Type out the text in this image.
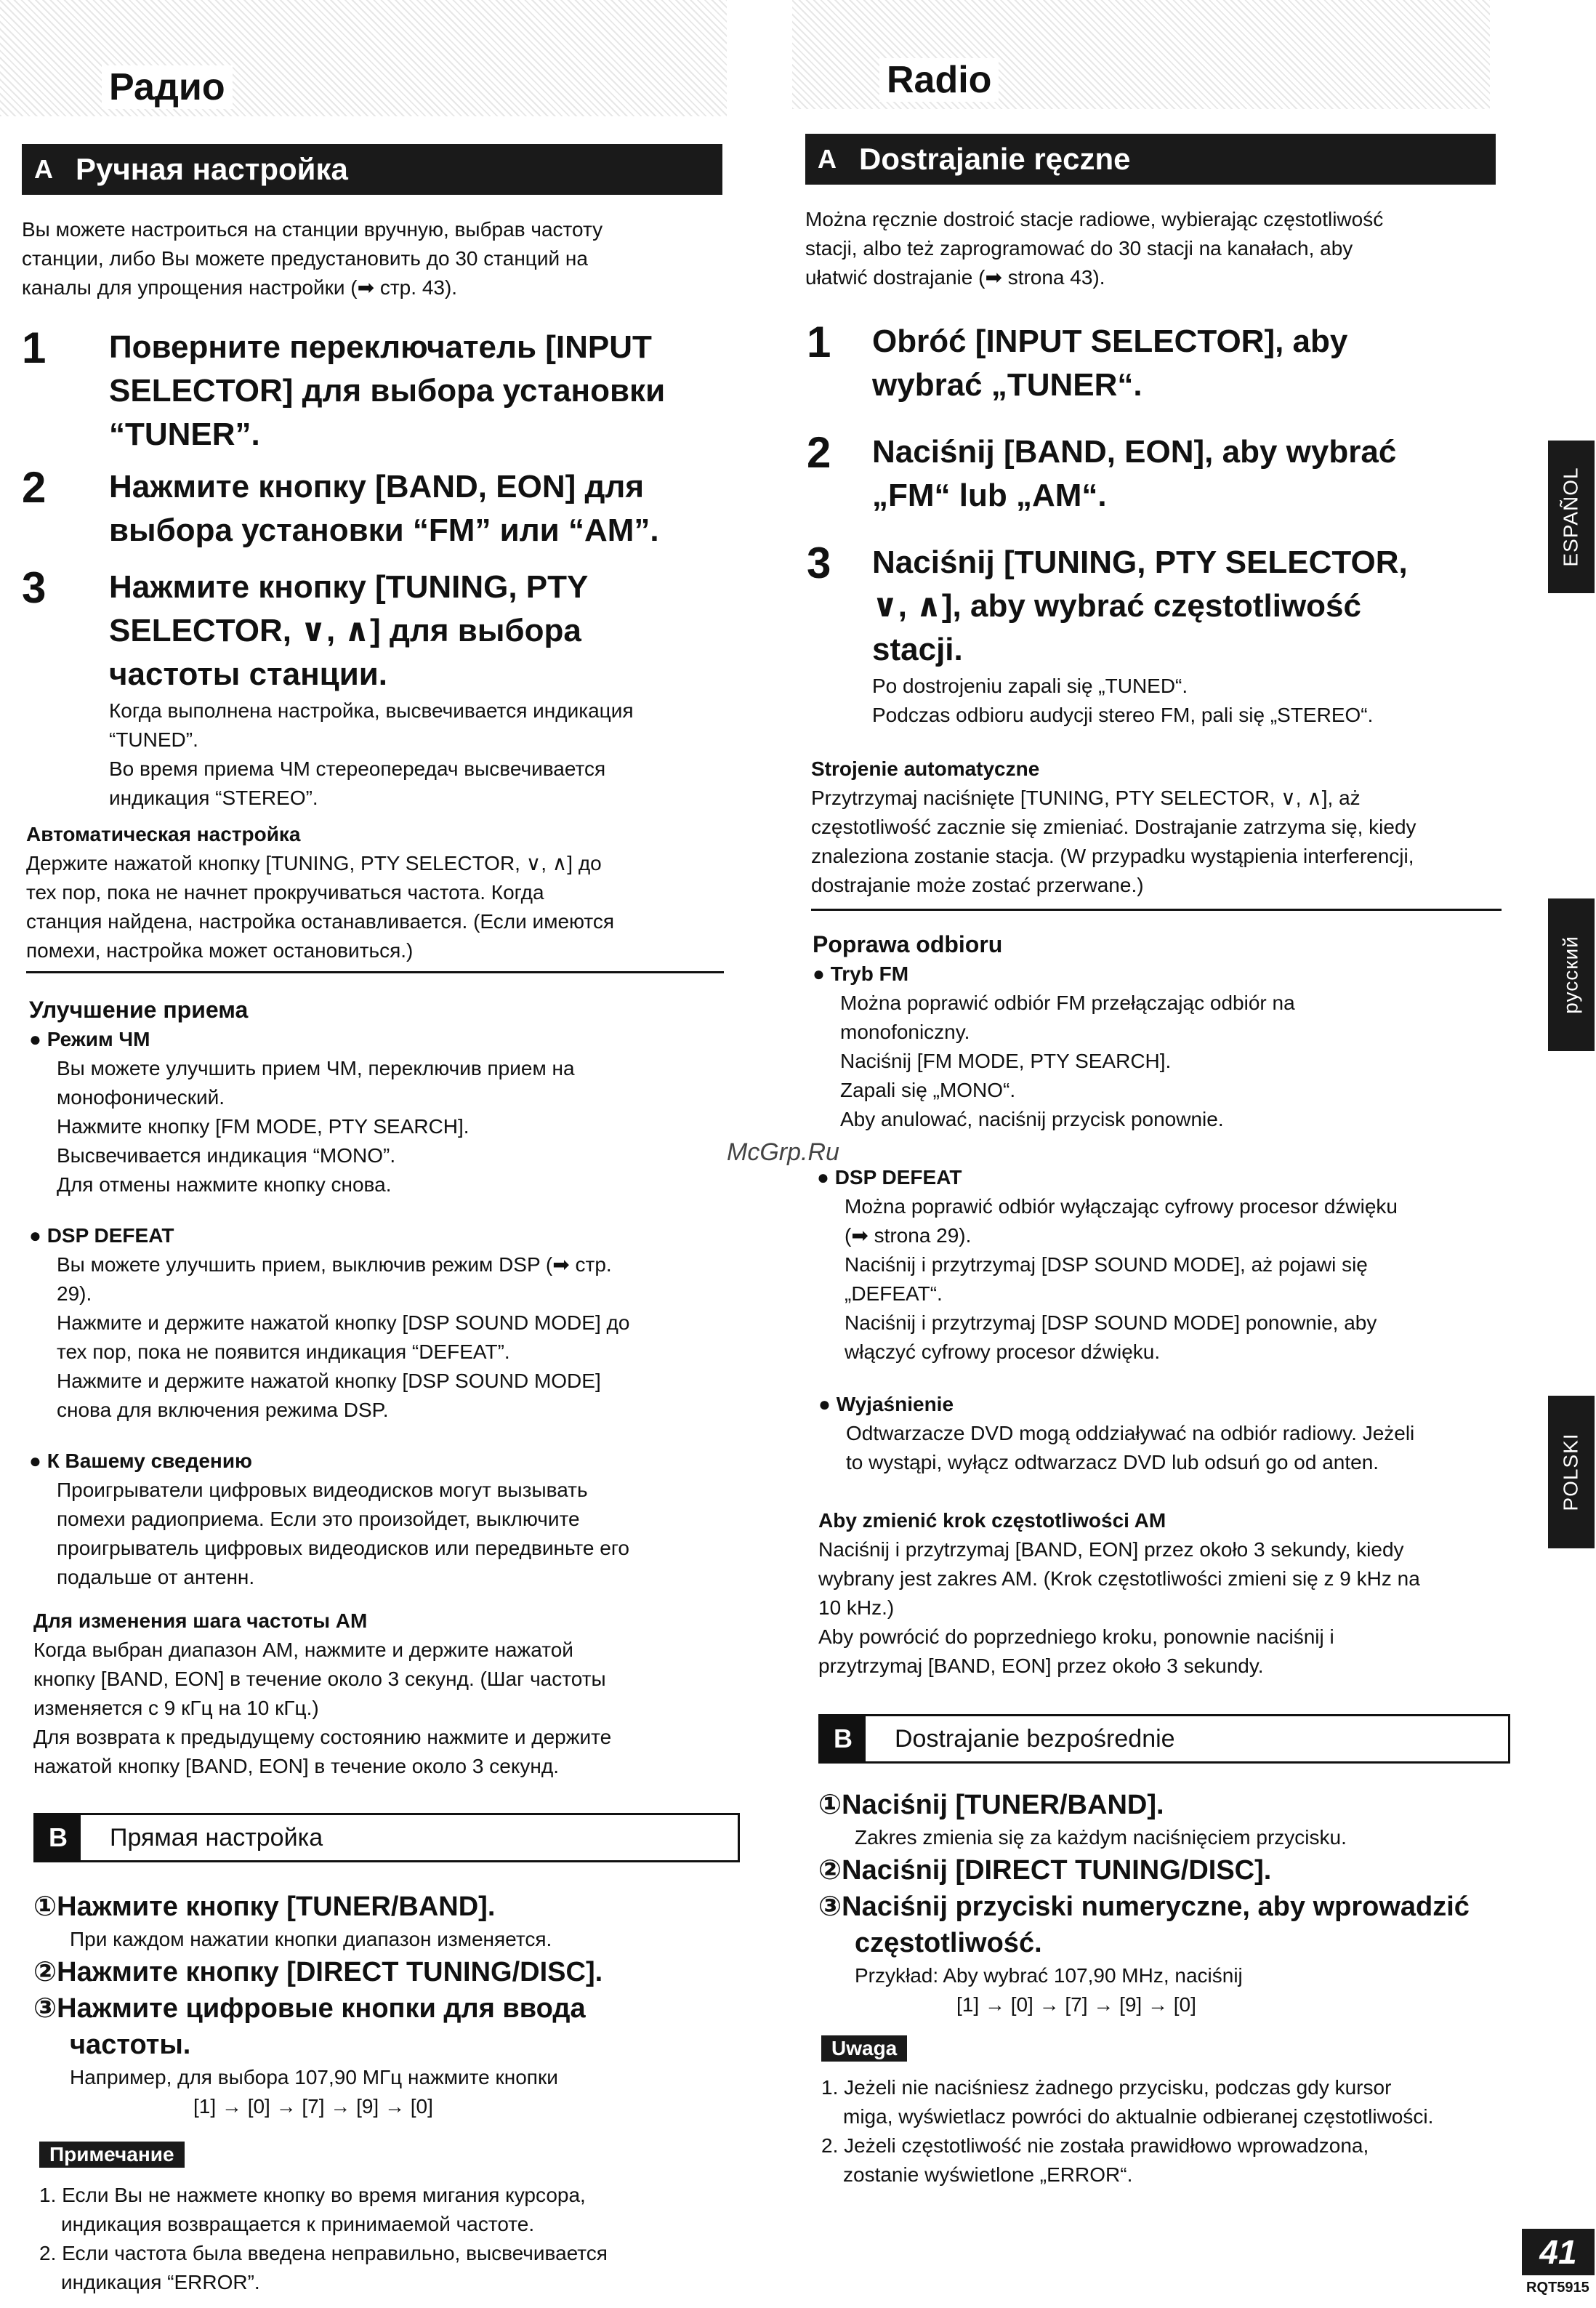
Радио
A Ручная настройка
Вы можете настроиться на станции вручную, выбрав частоту
станции, либо Вы можете предустановить до 30 станций на
каналы для упрощения настройки (➡ стр. 43).
1	Поверните переключатель [INPUT
SELECTOR] для выбора установки
“TUNER”.
2	Нажмите кнопку [BAND, EON] для
выбора установки “FM” или “AM”.
3	Нажмите кнопку [TUNING, PTY
SELECTOR, ∨, ∧] для выбора
частоты станции.
Когда выполнена настройка, высвечивается индикация
“TUNED”.
Во время приема ЧМ стереопередач высвечивается
индикация “STEREO”.
Автоматическая настройка
Держите нажатой кнопку [TUNING, PTY SELECTOR, ∨, ∧] до
тех пор, пока не начнет прокручиваться частота. Когда
станция найдена, настройка останавливается. (Если имеются
помехи, настройка может остановиться.)
Улучшение приема
● Режим ЧМ
Вы можете улучшить прием ЧМ, переключив прием на
монофонический.
Нажмите кнопку [FM MODE, PTY SEARCH].
Высвечивается индикация “MONO”.
Для отмены нажмите кнопку снова.
● DSP DEFEAT
Вы можете улучшить прием, выключив режим DSP (➡ стр.
29).
Нажмите и держите нажатой кнопку [DSP SOUND MODE] до
тех пор, пока не появится индикация “DEFEAT”.
Нажмите и держите нажатой кнопку [DSP SOUND MODE]
снова для включения режима DSP.
● К Вашему сведению
Проигрыватели цифровых видеодисков могут вызывать
помехи радиоприема. Если это произойдет, выключите
проигрыватель цифровых видеодисков или передвиньте его
подальше от антенн.
Для изменения шага частоты AM
Когда выбран диапазон AM, нажмите и держите нажатой
кнопку [BAND, EON] в течение около 3 секунд. (Шаг частоты
изменяется с 9 кГц на 10 кГц.)
Для возврата к предыдущему состоянию нажмите и держите
нажатой кнопку [BAND, EON] в течение около 3 секунд.
B	Прямая настройка
①Нажмите кнопку [TUNER/BAND].
При каждом нажатии кнопки диапазон изменяется.
②Нажмите кнопку [DIRECT TUNING/DISC].
③Нажмите цифровые кнопки для ввода
частоты.
Например, для выбора 107,90 МГц нажмите кнопки
[1] → [0] → [7] → [9] → [0]
Примечание
1. Если Вы не нажмете кнопку во время мигания курсора,
индикация возвращается к принимаемой частоте.
2. Если частота была введена неправильно, высвечивается
индикация “ERROR”.
Radio
A Dostrajanie ręczne
Można ręcznie dostroić stacje radiowe, wybierając częstotliwość
stacji, albo też zaprogramować do 30 stacji na kanałach, aby
ułatwić dostrajanie (➡ strona 43).
1	Obróć [INPUT SELECTOR], aby
wybrać „TUNER“.
2	Naciśnij [BAND, EON], aby wybrać
„FM“ lub „AM“.
3	Naciśnij [TUNING, PTY SELECTOR,
∨, ∧], aby wybrać częstotliwość
stacji.
Po dostrojeniu zapali się „TUNED“.
Podczas odbioru audycji stereo FM, pali się „STEREO“.
Strojenie automatyczne
Przytrzymaj naciśnięte [TUNING, PTY SELECTOR, ∨, ∧], aż
częstotliwość zacznie się zmieniać. Dostrajanie zatrzyma się, kiedy
znaleziona zostanie stacja. (W przypadku wystąpienia interferencji,
dostrajanie może zostać przerwane.)
Poprawa odbioru
● Tryb FM
Można poprawić odbiór FM przełączając odbiór na
monofoniczny.
Naciśnij [FM MODE, PTY SEARCH].
Zapali się „MONO“.
Aby anulować, naciśnij przycisk ponownie.
McGrp.Ru
● DSP DEFEAT
Można poprawić odbiór wyłączając cyfrowy procesor dźwięku
(➡ strona 29).
Naciśnij i przytrzymaj [DSP SOUND MODE], aż pojawi się
„DEFEAT“.
Naciśnij i przytrzymaj [DSP SOUND MODE] ponownie, aby
włączyć cyfrowy procesor dźwięku.
● Wyjaśnienie
Odtwarzacze DVD mogą oddziaływać na odbiór radiowy. Jeżeli
to wystąpi, wyłącz odtwarzacz DVD lub odsuń go od anten.
Aby zmienić krok częstotliwości AM
Naciśnij i przytrzymaj [BAND, EON] przez około 3 sekundy, kiedy
wybrany jest zakres AM. (Krok częstotliwości zmieni się z 9 kHz na
10 kHz.)
Aby powrócić do poprzedniego kroku, ponownie naciśnij i
przytrzymaj [BAND, EON] przez około 3 sekundy.
B	Dostrajanie bezpośrednie
①Naciśnij [TUNER/BAND].
Zakres zmienia się za każdym naciśnięciem przycisku.
②Naciśnij [DIRECT TUNING/DISC].
③Naciśnij przyciski numeryczne, aby wprowadzić
częstotliwość.
Przykład: Aby wybrać 107,90 MHz, naciśnij
[1] → [0] → [7] → [9] → [0]
Uwaga
1. Jeżeli nie naciśniesz żadnego przycisku, podczas gdy kursor
miga, wyświetlacz powróci do aktualnie odbieranej częstotliwości.
2. Jeżeli częstotliwość nie została prawidłowo wprowadzona,
zostanie wyświetlone „ERROR“.
ESPAÑOL
русский
POLSKI
41
RQT5915
